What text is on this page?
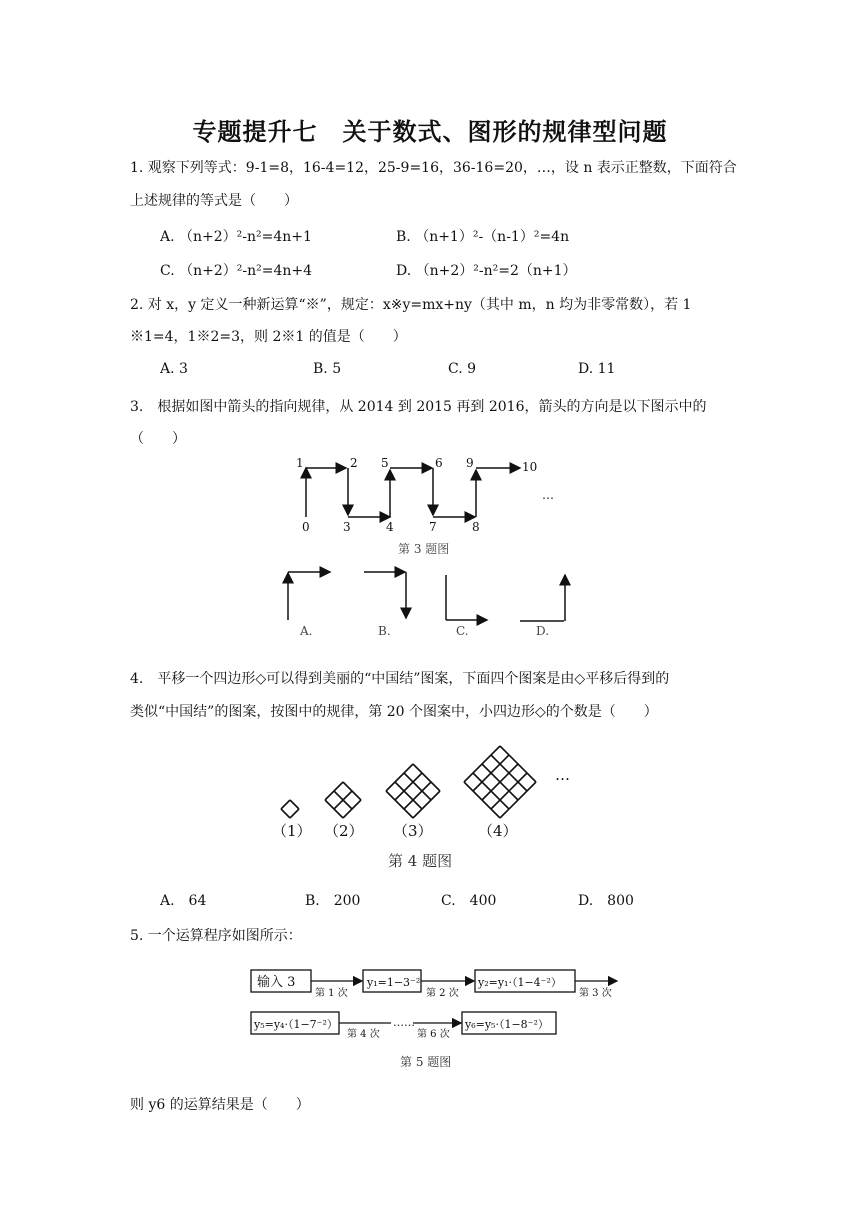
专题提升七　关于数式、图形的规律型问题
1. 观察下列等式：9-1=8，16-4=12，25-9=16，36-16=20，…，设 n 表示正整数，下面符合
上述规律的等式是（　　）
A. （n+2）²-n²=4n+1	B. （n+1）²-（n-1）²=4n
C. （n+2）²-n²=4n+4	D. （n+2）²-n²=2（n+1）
2. 对 x，y 定义一种新运算“※”，规定：x※y=mx+ny（其中 m，n 均为非零常数），若 1
※1=4，1※2=3，则 2※1 的值是（　　）
A. 3	B. 5	C. 9	D. 11
3.　根据如图中箭头的指向规律，从 2014 到 2015 再到 2016，箭头的方向是以下图示中的
（　　）
1	2 5	6 9	10
0	3	4	7	8
…
第 3 题图
A.	B.	C.	D.
4.　平移一个四边形◇可以得到美丽的“中国结”图案，下面四个图案是由◇平移后得到的
类似“中国结”的图案，按图中的规律，第 20 个图案中，小四边形◇的个数是（　　）
（1） （2） （3）	（4）
…
第 4 题图
A.　64	B.　200	C.　400	D.　800
5. 一个运算程序如图所示：
输入 3	y₁=1−3⁻²	y₂=y₁·（1−4⁻²）
y₅=y₄·（1−7⁻²）	y₆=y₅·（1−8⁻²）
第 1 次	第 2 次	第 3 次
第 4 次	第 6 次
……
第 5 题图
则 y6 的运算结果是（　　）
